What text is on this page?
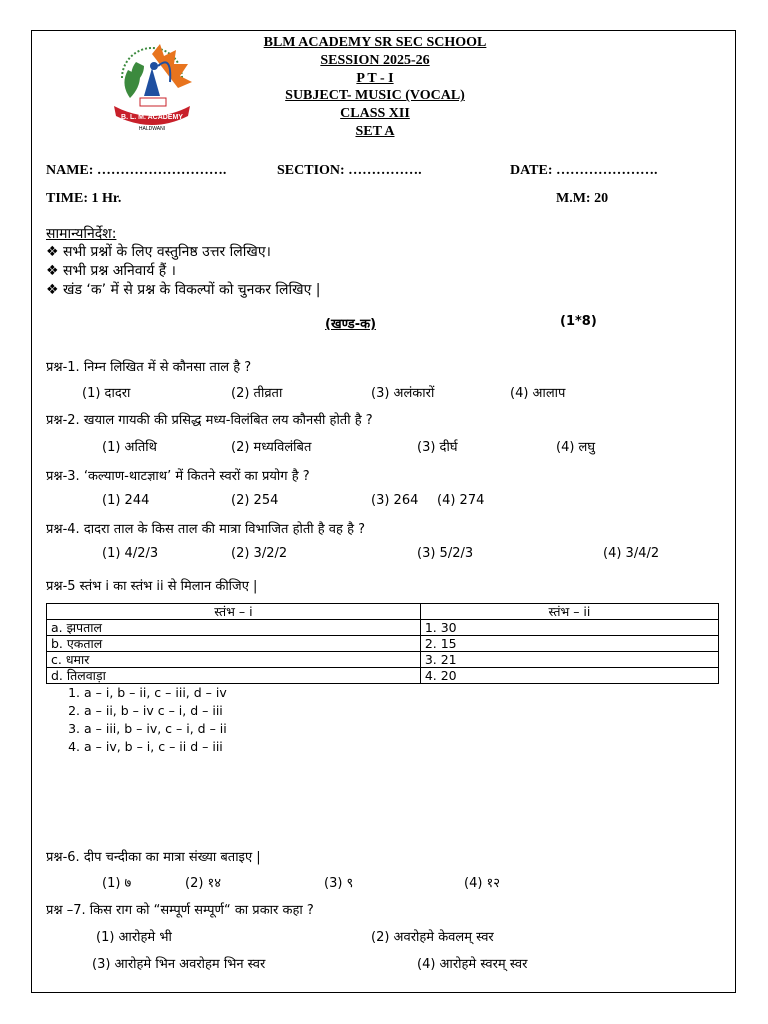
B. L. M. ACADEMY
HALDWANI
BLM ACADEMY SR SEC SCHOOL
SESSION 2025-26
P T - I
SUBJECT- MUSIC (VOCAL)
CLASS XII
SET A
NAME: ……………………….	SECTION: …………….	DATE: ………………….
TIME: 1 Hr.	M.M: 20
सामान्यनिर्देश:
❖ सभी प्रश्नों के लिए वस्तुनिष्ठ उत्तर लिखिए।
❖ सभी प्रश्न अनिवार्य हैं ।
❖ खंड ‘क’ में से प्रश्न के विकल्पों को चुनकर लिखिए |
(खण्ड-क)	(1*8)
प्रश्न-1. निम्न लिखित में से कौनसा ताल है ?
(1) दादरा	(2) तीव्रता	(3) अलंकारों	(4) आलाप
प्रश्न-2. खयाल गायकी की प्रसिद्ध मध्य-विलंबित लय कौनसी होती है ?
(1) अतिथि	(2) मध्यविलंबित	(3) दीर्घ	(4) लघु
प्रश्न-3. ‘कल्याण-थाटज्ञाथ’ में कितने स्वरों का प्रयोग है ?
(1) 244	(2) 254	(3) 264 (4) 274
प्रश्न-4. दादरा ताल के किस ताल की मात्रा विभाजित होती है वह है ?
(1) 4/2/3	(2) 3/2/2	(3) 5/2/3	(4) 3/4/2
प्रश्न-5 स्तंभ i का स्तंभ ii से मिलान कीजिए |
स्तंभ – i	स्तंभ – ii
a. झपताल	1. 30
b. एकताल	2. 15
c. धमार	3. 21
d. तिलवाड़ा	4. 20
1. a – i, b – ii, c – iii, d – iv
2. a – ii, b – iv c – i, d – iii
3. a – iii, b – iv, c – i, d – ii
4. a – iv, b – i, c – ii d – iii
प्रश्न-6. दीप चन्दीका का मात्रा संख्या बताइए |
(1) ७	(2) १४	(3) ९	(4) १२
प्रश्न –7. किस राग को “सम्पूर्ण सम्पूर्ण“ का प्रकार कहा ?
(1) आरोहमे भी	(2) अवरोहमे केवलम् स्वर
(3) आरोहमे भिन अवरोहम भिन स्वर	(4) आरोहमे स्वरम् स्वर
